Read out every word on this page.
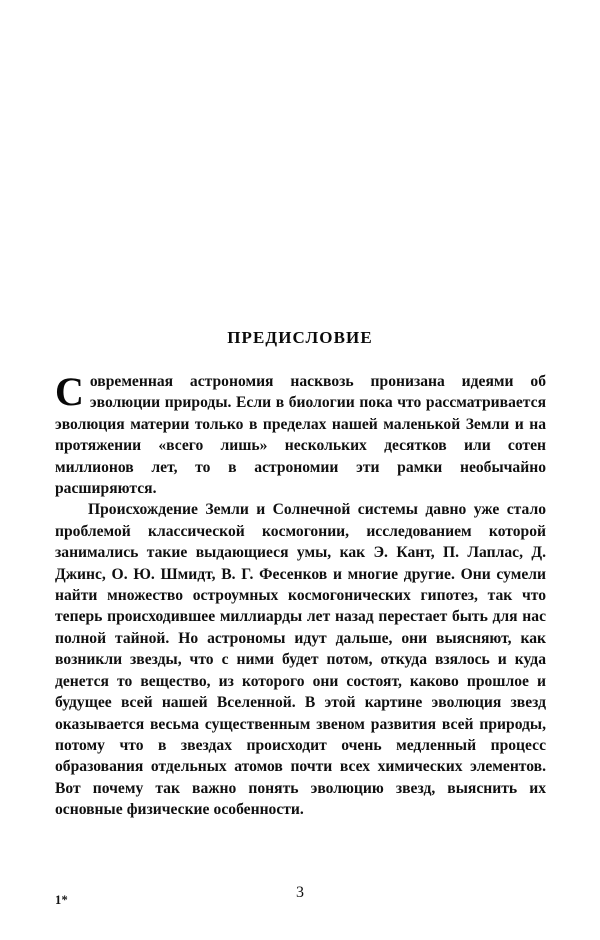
ПРЕДИСЛОВИЕ

Современная астрономия насквозь пронизана идеями об эволюции природы. Если в биологии пока что рассматривается эволюция материи только в пределах нашей маленькой Земли и на протяжении «всего лишь» нескольких десятков или сотен миллионов лет, то в астрономии эти рамки необычайно расширяются.

Происхождение Земли и Солнечной системы давно уже стало проблемой классической космогонии, исследованием которой занимались такие выдающиеся умы, как Э. Кант, П. Лаплас, Д. Джинс, О. Ю. Шмидт, В. Г. Фесенков и многие другие. Они сумели найти множество остроумных космогонических гипотез, так что теперь происходившее миллиарды лет назад перестает быть для нас полной тайной. Но астрономы идут дальше, они выясняют, как возникли звезды, что с ними будет потом, откуда взялось и куда денется то вещество, из которого они состоят, каково прошлое и будущее всей нашей Вселенной. В этой картине эволюция звезд оказывается весьма существенным звеном развития всей природы, потому что в звездах происходит очень медленный процесс образования отдельных атомов почти всех химических элементов. Вот почему так важно понять эволюцию звезд, выяснить их основные физические особенности.

1*	3
